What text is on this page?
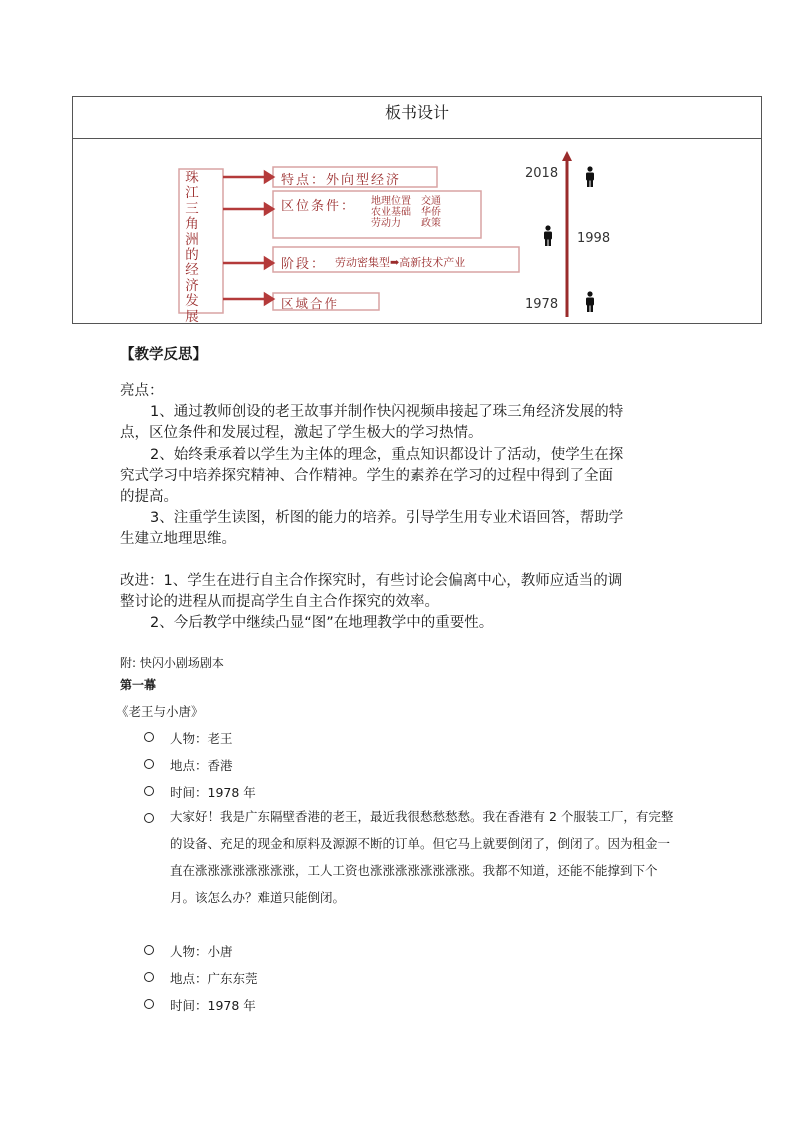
板书设计
珠江三角洲的经济发展
特点：外向型经济
区位条件： 地理位置　交通
农业基础　华侨
劳动力　　政策
阶段： 劳动密集型➡高新技术产业
区域合作
2018
1998
1978
【教学反思】
亮点：
1、通过教师创设的老王故事并制作快闪视频串接起了珠三角经济发展的特
点，区位条件和发展过程，激起了学生极大的学习热情。
2、始终秉承着以学生为主体的理念，重点知识都设计了活动，使学生在探
究式学习中培养探究精神、合作精神。学生的素养在学习的过程中得到了全面
的提高。
3、注重学生读图，析图的能力的培养。引导学生用专业术语回答，帮助学
生建立地理思维。
改进：1、学生在进行自主合作探究时，有些讨论会偏离中心，教师应适当的调
整讨论的进程从而提高学生自主合作探究的效率。
2、今后教学中继续凸显“图”在地理教学中的重要性。
附: 快闪小剧场剧本
第一幕
《老王与小唐》
人物：老王
地点：香港
时间：1978 年
大家好！我是广东隔壁香港的老王，最近我很愁愁愁愁。我在香港有 2 个服装工厂，有完整的设备、充足的现金和原料及源源不断的订单。但它马上就要倒闭了，倒闭了。因为租金一直在涨涨涨涨涨涨涨涨，工人工资也涨涨涨涨涨涨涨涨。我都不知道，还能不能撑到下个月。该怎么办？难道只能倒闭。
人物：小唐
地点：广东东莞
时间：1978 年
